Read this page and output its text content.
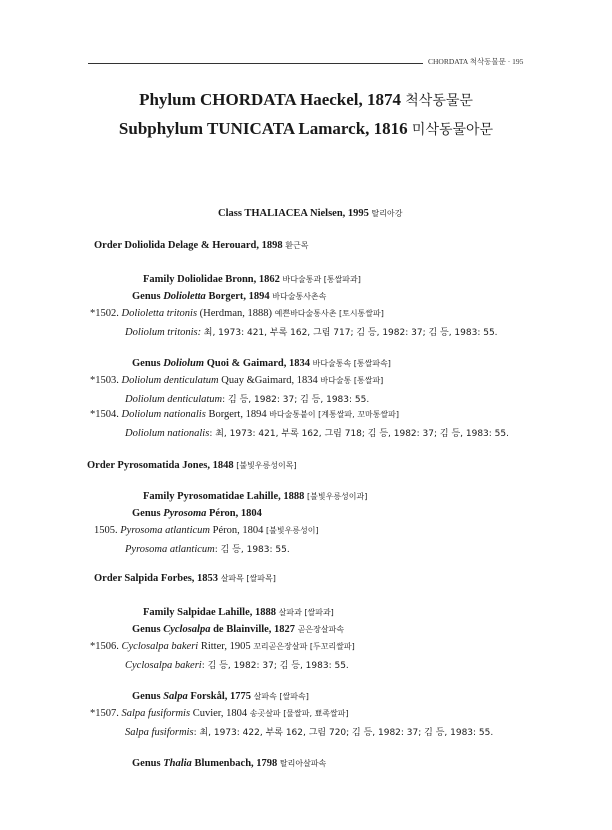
CHORDATA 척삭동물문 · 195
Phylum CHORDATA Haeckel, 1874 척삭동물문
Subphylum TUNICATA Lamarck, 1816 미삭동물아문
Class THALIACEA Nielsen, 1995 탈리아강
Order Doliolida Delage & Herouard, 1898 환근목
Family Doliolidae Bronn, 1862 바다술통과 [통쌀파과]
Genus Dolioletta Borgert, 1894 바다술통사촌속
*1502. Dolioletta tritonis (Herdman, 1888) 예쁜바다술통사촌 [토시통쌀파]
Doliolum tritonis: 최, 1973: 421, 부록 162, 그림 717; 김 등, 1982: 37; 김 등, 1983: 55.
Genus Doliolum Quoi & Gaimard, 1834 바다술통속 [통쌀파속]
*1503. Doliolum denticulatum Quay &Gaimard, 1834 바다술통 [통쌀파]
Doliolum denticulatum: 김 등, 1982: 37; 김 등, 1983: 55.
*1504. Doliolum nationalis Borgert, 1894 바다술통붙이 [계통쌀파, 꼬마통쌀파]
Doliolum nationalis: 최, 1973: 421, 부록 162, 그림 718; 김 등, 1982: 37; 김 등, 1983: 55.
Order Pyrosomatida Jones, 1848 [불빛우릉성이목]
Family Pyrosomatidae Lahille, 1888 [불빛우릉성이과]
Genus Pyrosoma Péron, 1804
1505. Pyrosoma atlanticum Péron, 1804 [불빛우릉성이]
Pyrosoma atlanticum: 김 등, 1983: 55.
Order Salpida Forbes, 1853 살파목 [쌀파목]
Family Salpidae Lahille, 1888 살파과 [쌀파과]
Genus Cyclosalpa de Blainville, 1827 곧은장살파속
*1506. Cyclosalpa bakeri Ritter, 1905 꼬리곧은장살파 [두꼬리쌀파]
Cyclosalpa bakeri: 김 등, 1982: 37; 김 등, 1983: 55.
Genus Salpa Forskål, 1775 살파속 [쌀파속]
*1507. Salpa fusiformis Cuvier, 1804 송곳살파 [물쌀파, 뾰족쌀파]
Salpa fusiformis: 최, 1973: 422, 부록 162, 그림 720; 김 등, 1982: 37; 김 등, 1983: 55.
Genus Thalia Blumenbach, 1798 탈리아살파속
